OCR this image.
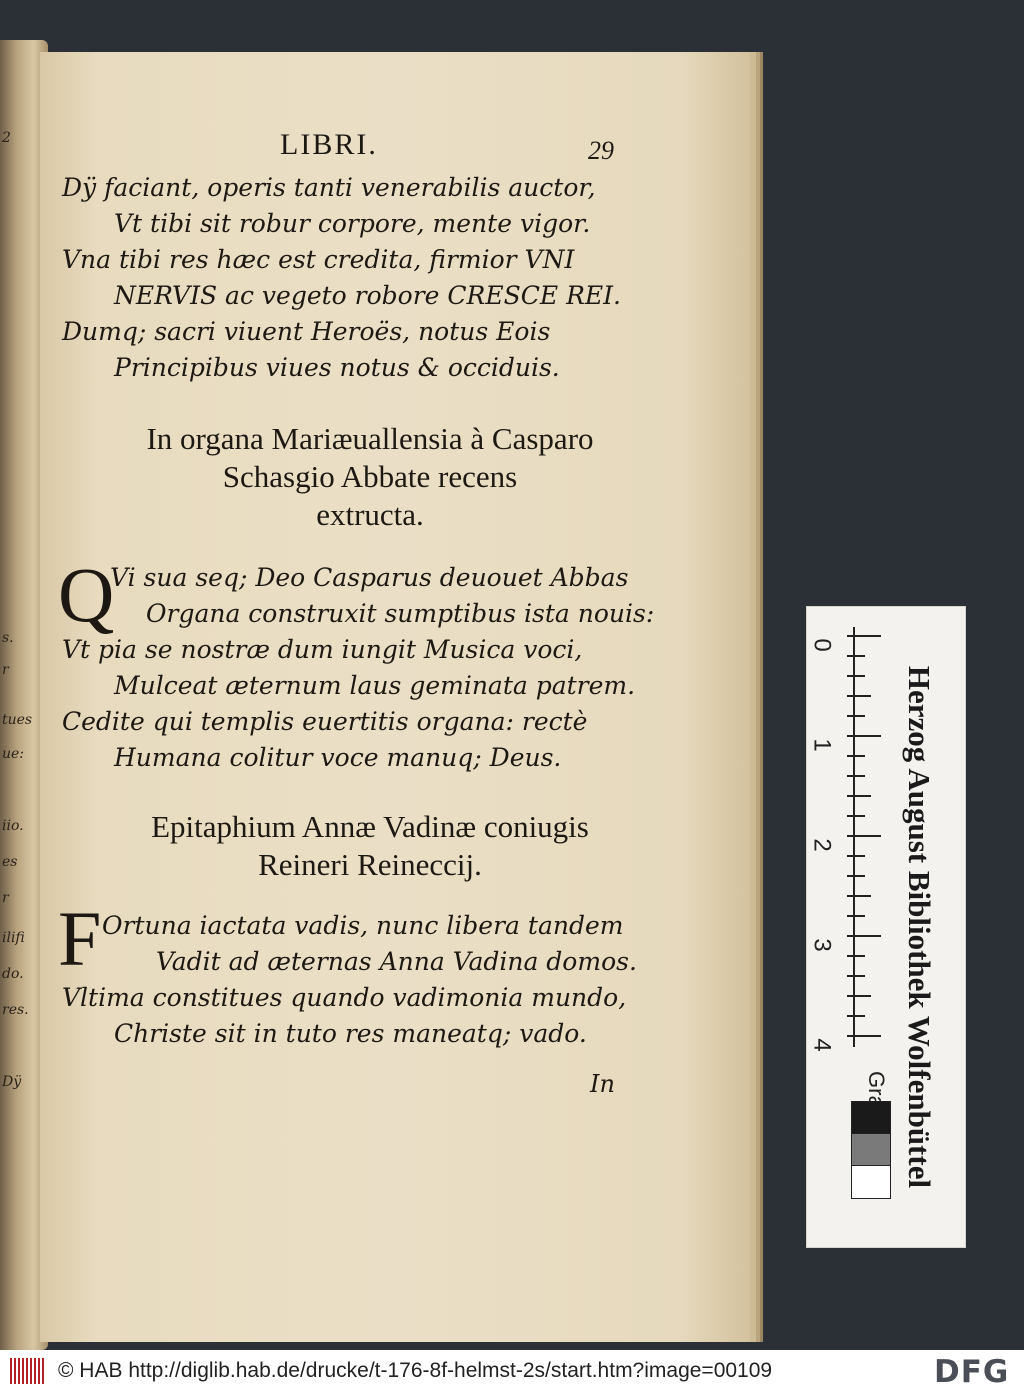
2
s.
r
tues
ue:
iio.
es
r
ilifi
do.
res.
Dÿ
LIBRI.	29
Dÿ faciant, operis tanti venerabilis auctor,
Vt tibi sit robur corpore, mente vigor.
Vna tibi res hæc est credita, firmior VNI
NERVIS ac vegeto robore CRESCE REI.
Dumq; sacri viuent Heroës, notus Eois
Principibus viues notus & occiduis.
In organa Mariæuallensia à Casparo
Schasgio Abbate recens
extructa.
Q
Vi sua seq; Deo Casparus deuouet Abbas
Organa construxit sumptibus ista nouis:
Vt pia se nostræ dum iungit Musica voci,
Mulceat æternum laus geminata patrem.
Cedite qui templis euertitis organa: rectè
Humana colitur voce manuq; Deus.
Epitaphium Annæ Vadinæ coniugis
Reineri Reineccij.
F Ortuna iactata vadis, nunc libera tandem
Vadit ad æternas Anna Vadina domos.
Vltima constitues quando vadimonia mundo,
Christe sit in tuto res maneatq; vado.
In
0
1
2
3
4 Herzog August Bibliothek Wolfenbüttel
© HAB http://diglib.hab.de/drucke/t-176-8f-helmst-2s/start.htm?image=00109	DFG
